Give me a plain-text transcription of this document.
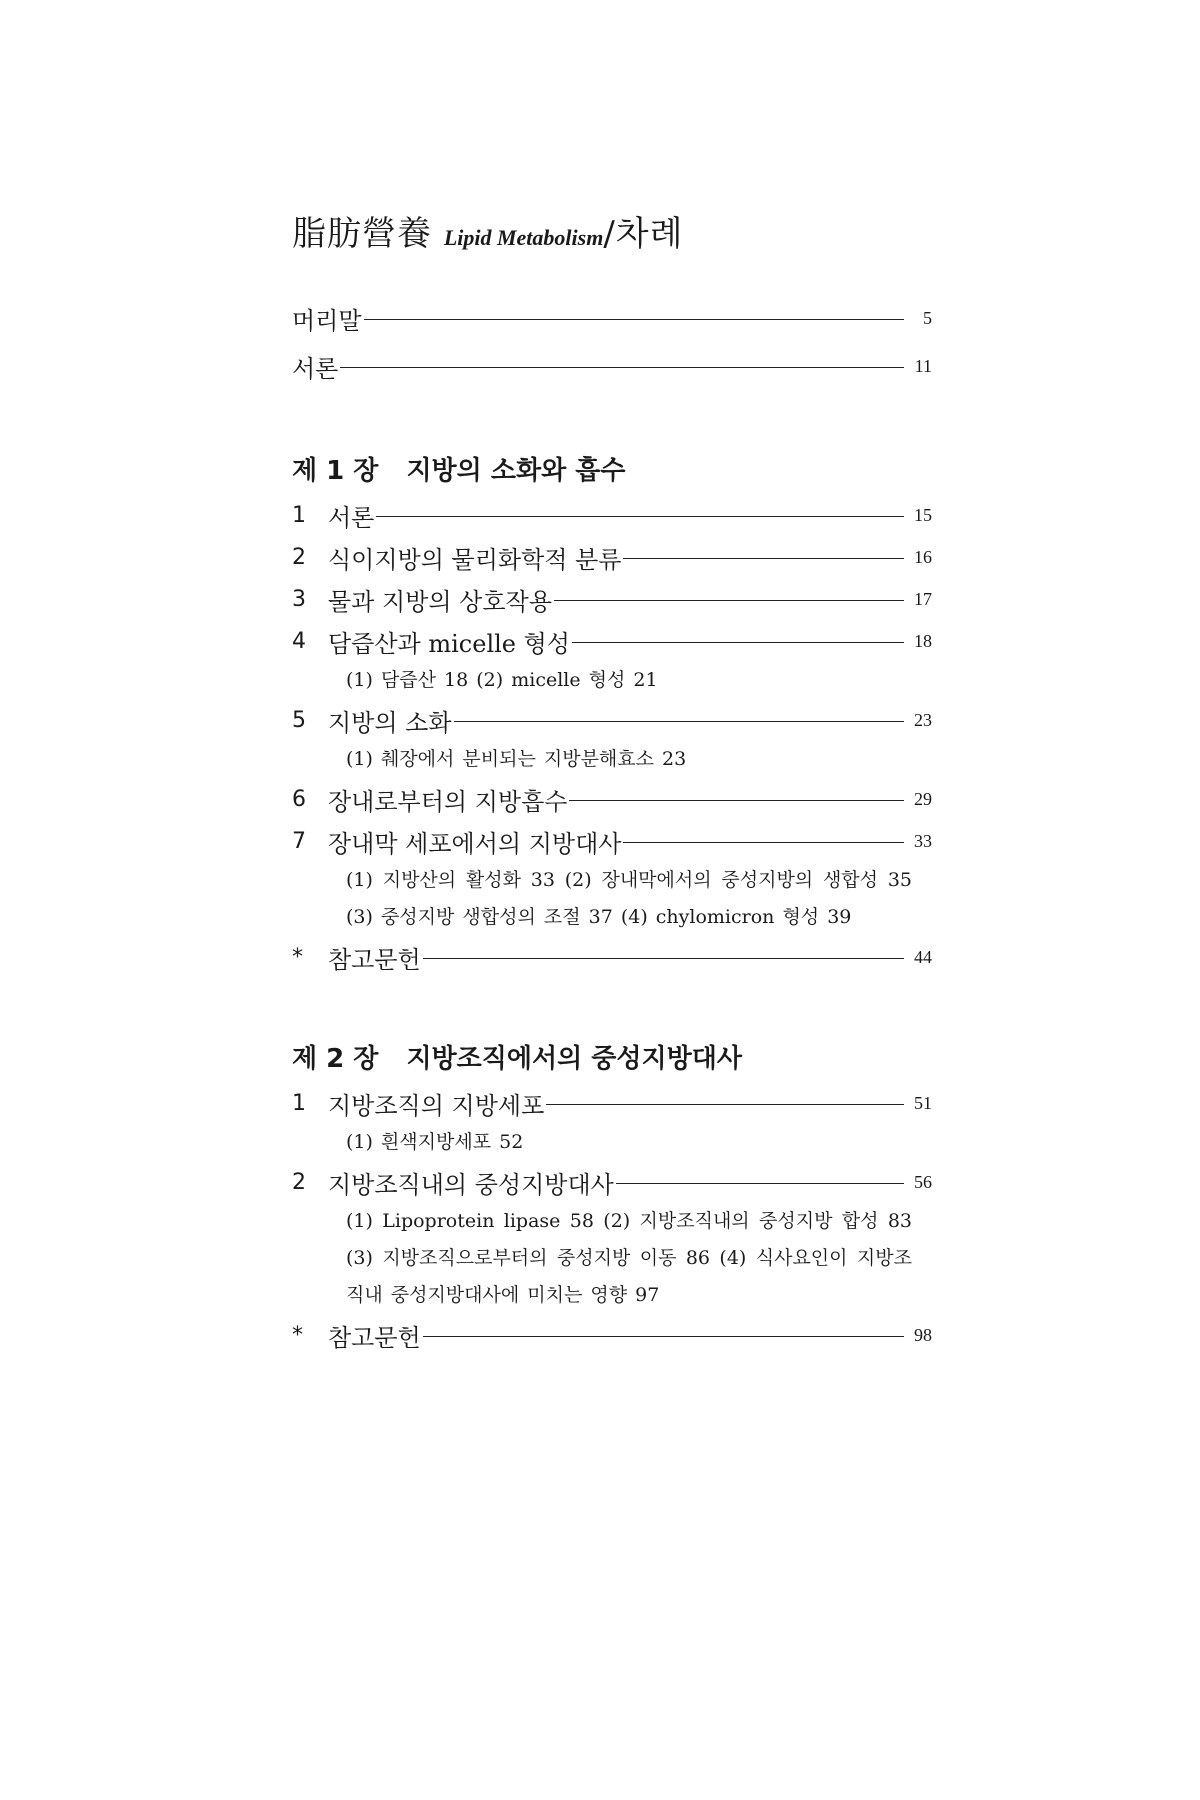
脂肪營養 Lipid Metabolism/차례
머리말	5
서론	11
제 1 장 지방의 소화와 흡수
1 서론	15
2 식이지방의 물리화학적 분류	16
3 물과 지방의 상호작용	17
4 담즙산과 micelle 형성	18
(1) 담즙산 18 (2) micelle 형성 21
5 지방의 소화	23
(1) 췌장에서 분비되는 지방분해효소 23
6 장내로부터의 지방흡수	29
7 장내막 세포에서의 지방대사	33
(1) 지방산의 활성화 33 (2) 장내막에서의 중성지방의 생합성 35 (3) 중성지방 생합성의 조절 37 (4) chylomicron 형성 39
*	참고문헌	44
제 2 장 지방조직에서의 중성지방대사
1 지방조직의 지방세포	51
(1) 흰색지방세포 52
2 지방조직내의 중성지방대사	56
(1) Lipoprotein lipase 58 (2) 지방조직내의 중성지방 합성 83 (3) 지방조직으로부터의 중성지방 이동 86 (4) 식사요인이 지방조직내 중성지방대사에 미치는 영향 97
*	참고문헌	98
